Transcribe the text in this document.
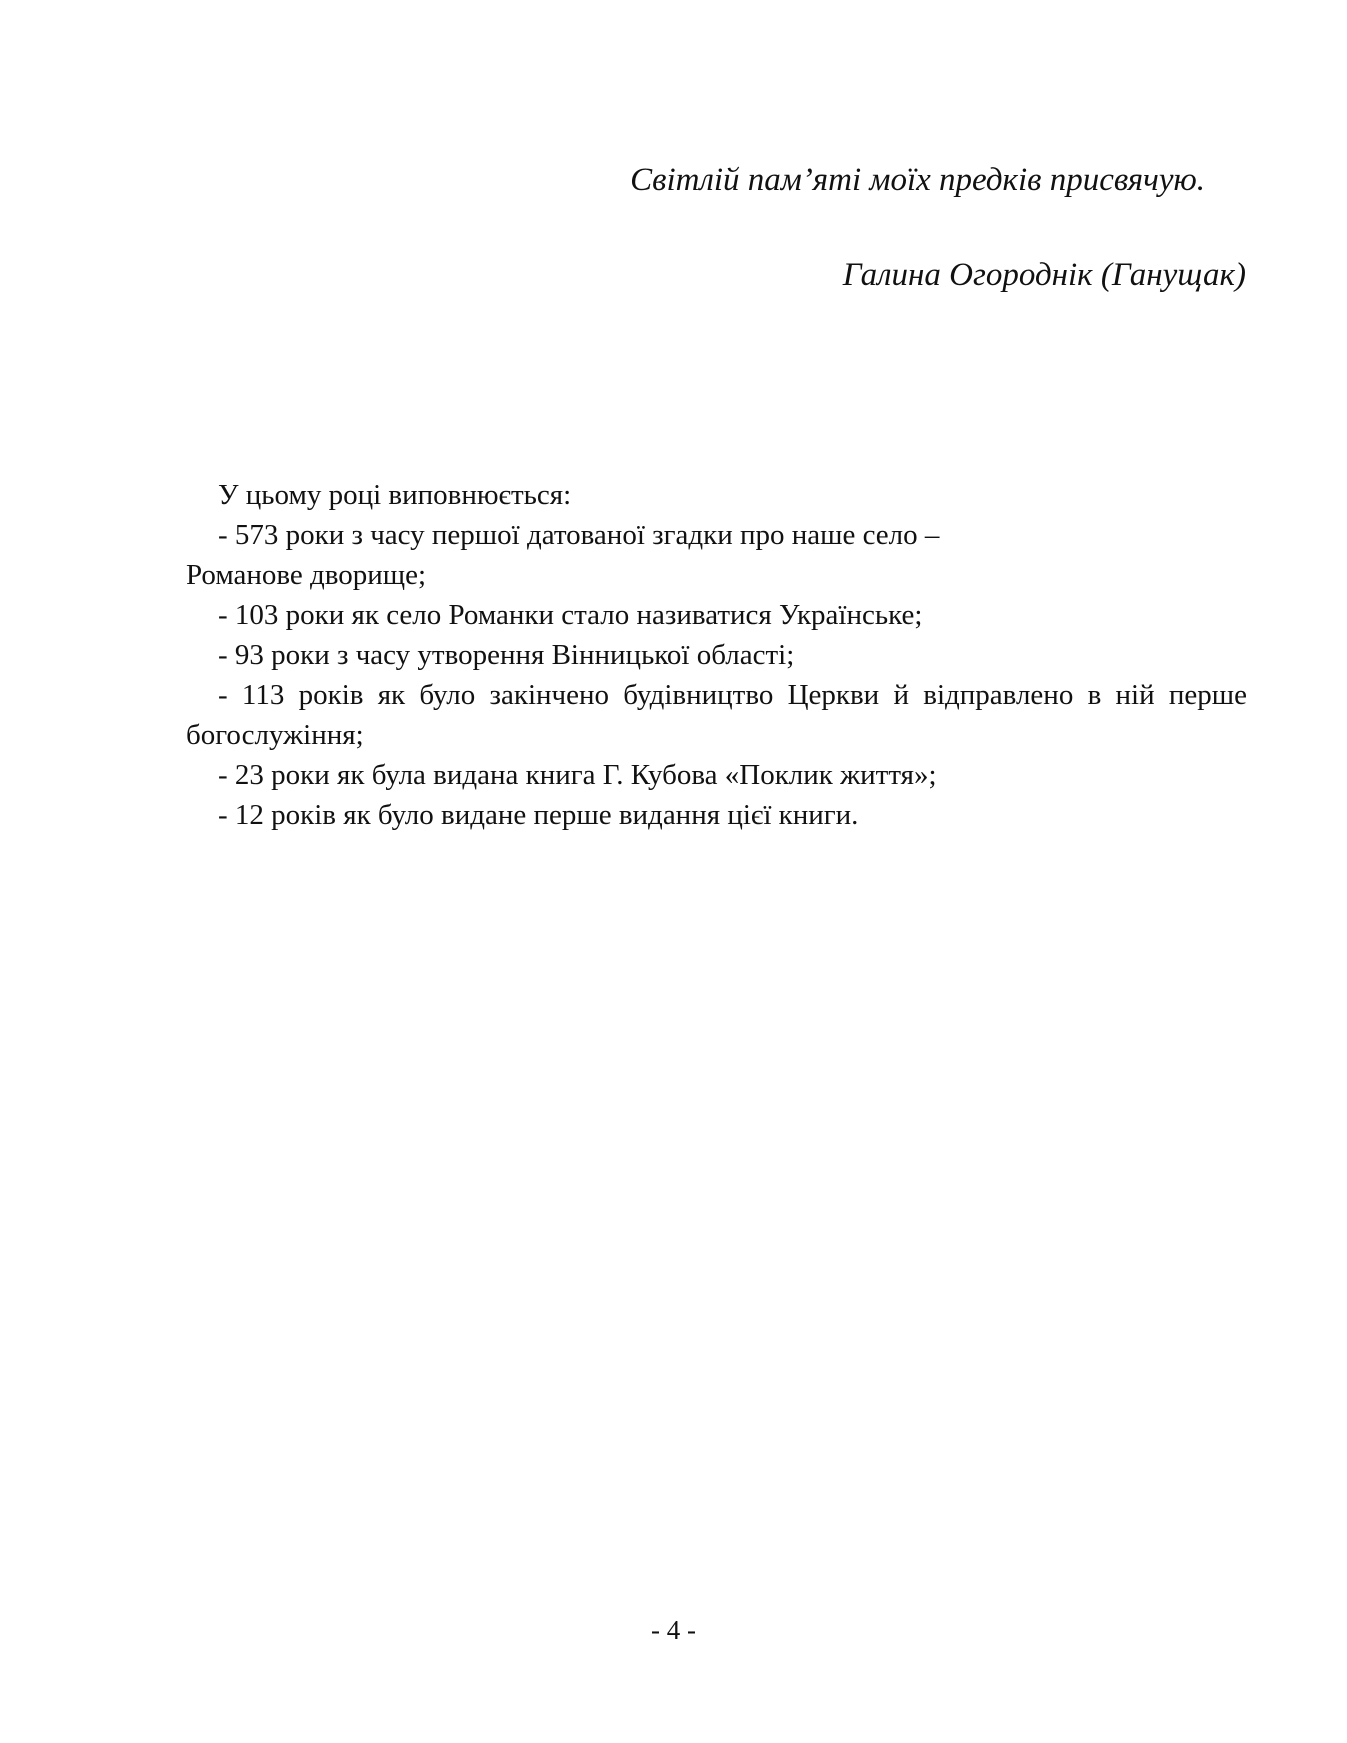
Світлій пам’яті моїх предків присвячую.
Галина Огороднік (Ганущак)

У цьому році виповнюється:

- 573 роки з часу першої датованої згадки про наше село –

Романове дворище;

- 103 роки як село Романки стало називатися Українське;

- 93 роки з часу утворення Вінницької області;

- 113 років як було закінчено будівництво Церкви й відправлено в ній перше богослужіння;

- 23 роки як була видана книга Г. Кубова «Поклик життя»;

- 12 років як було видане перше видання цієї книги.

- 4 -
